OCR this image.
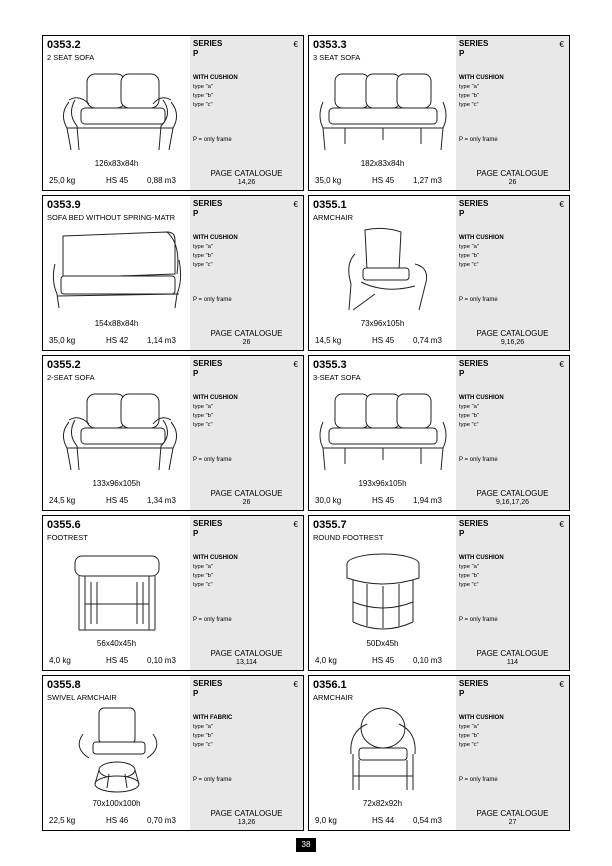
0353.2
2 SEAT SOFA
126x83x84h
25,0 kg	HS 45 0,88 m3
SERIES
P
€
WITH CUSHION
type "a"
type "b"
type "c"
P = only frame
PAGE CATALOGUE
14,26
0353.3
3 SEAT SOFA
182x83x84h
35,0 kg	HS 45 1,27 m3
SERIES
P
€
WITH CUSHION
type "a"
type "b"
type "c"
P = only frame
PAGE CATALOGUE
26
0353.9
SOFA BED WITHOUT SPRING-MATR
154x88x84h
35,0 kg	HS 42 1,14 m3
SERIES
P
€
WITH CUSHION
type "a"
type "b"
type "c"
P = only frame
PAGE CATALOGUE
26
0355.1
ARMCHAIR
73x96x105h
14,5 kg	HS 45 0,74 m3
SERIES
P
€
WITH CUSHION
type "a"
type "b"
type "c"
P = only frame
PAGE CATALOGUE
9,16,26
0355.2
2-SEAT SOFA
133x96x105h
24,5 kg	HS 45 1,34 m3
SERIES
P
€
WITH CUSHION
type "a"
type "b"
type "c"
P = only frame
PAGE CATALOGUE
26
0355.3
3-SEAT SOFA
193x96x105h
30,0 kg	HS 45 1,94 m3
SERIES
P
€
WITH CUSHION
type "a"
type "b"
type "c"
P = only frame
PAGE CATALOGUE
9,16,17,26
0355.6
FOOTREST
56x40x45h
4,0 kg	HS 45 0,10 m3
SERIES
P
€
WITH CUSHION
type "a"
type "b"
type "c"
P = only frame
PAGE CATALOGUE
13,114
0355.7
ROUND FOOTREST
50Dx45h
4,0 kg	HS 45 0,10 m3
SERIES
P
€
WITH CUSHION
type "a"
type "b"
type "c"
P = only frame
PAGE CATALOGUE
114
0355.8
SWIVEL ARMCHAIR
70x100x100h
22,5 kg	HS 46 0,70 m3
SERIES
P
€
WITH FABRIC
type "a"
type "b"
type "c"
P = only frame
PAGE CATALOGUE
13,26
0356.1
ARMCHAIR
72x82x92h
9,0 kg	HS 44 0,54 m3
SERIES
P
€
WITH CUSHION
type "a"
type "b"
type "c"
P = only frame
PAGE CATALOGUE
27
38
